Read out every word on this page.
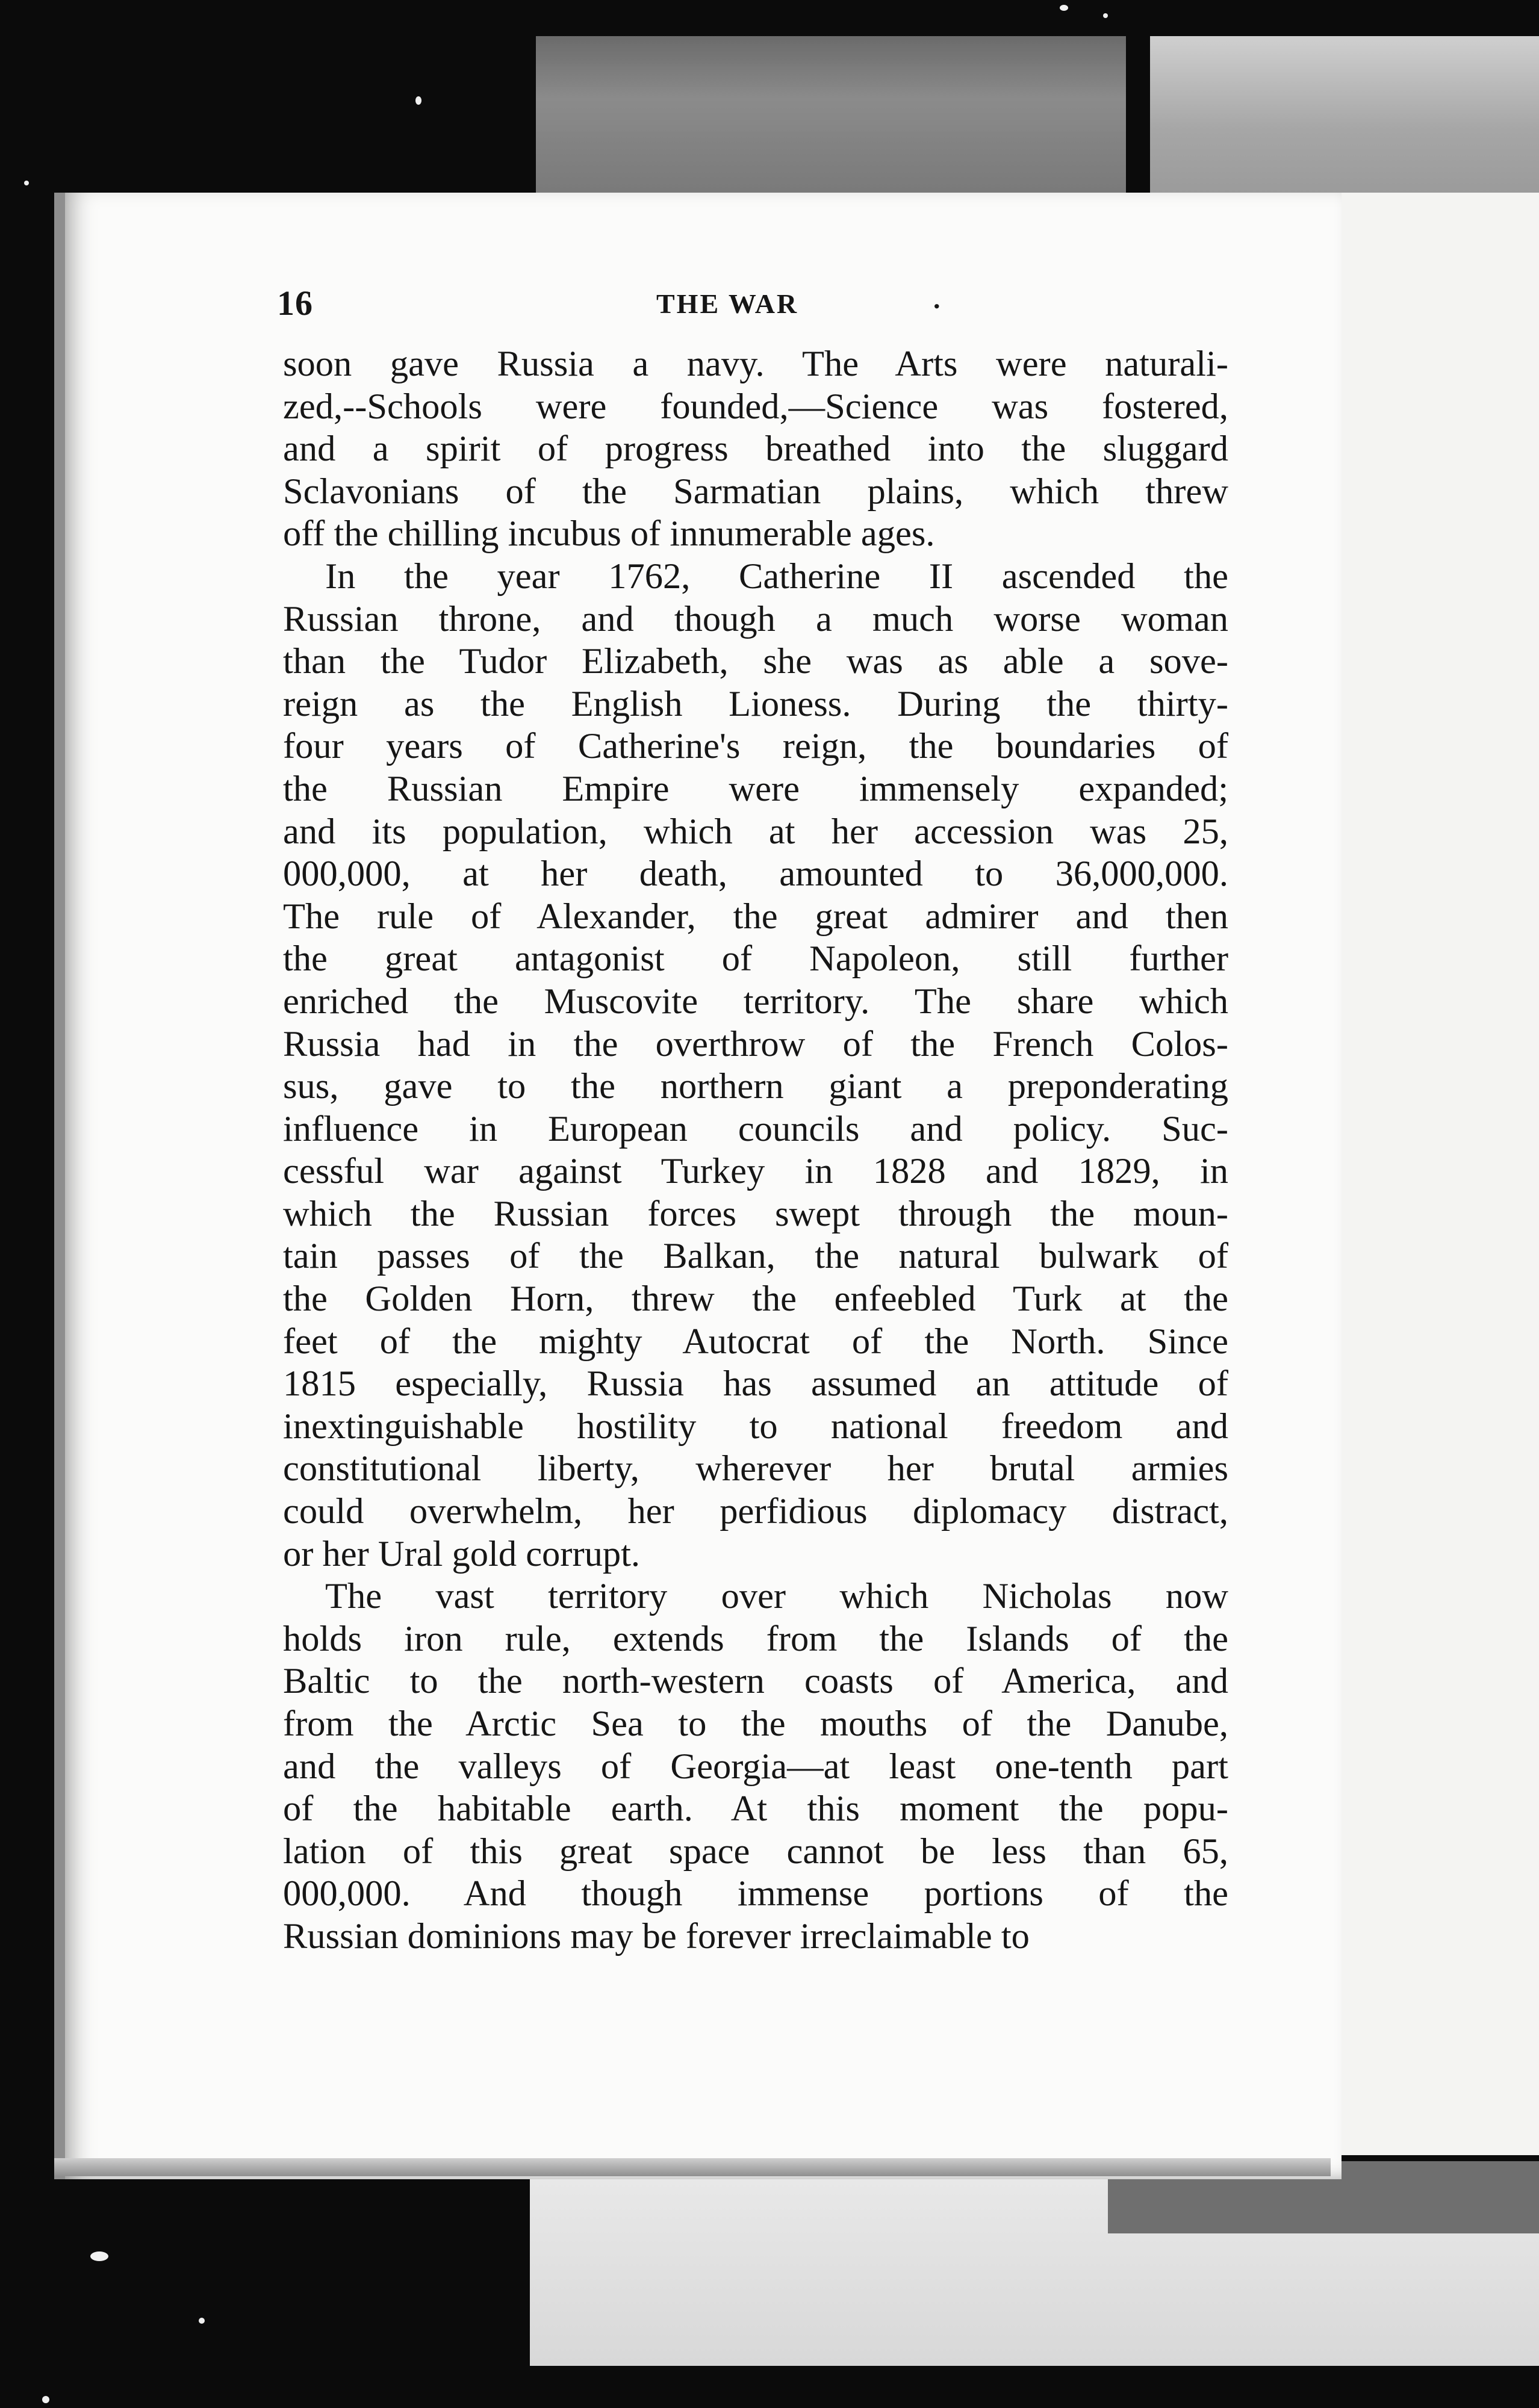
16	THE WAR	.

soon gave Russia a navy. The Arts were naturali-
zed,--Schools were founded,—Science was fostered,
and a spirit of progress breathed into the sluggard
Sclavonians of the Sarmatian plains, which threw
off the chilling incubus of innumerable ages.

In the year 1762, Catherine II ascended the
Russian throne, and though a much worse woman
than the Tudor Elizabeth, she was as able a sove-
reign as the English Lioness. During the thirty-
four years of Catherine's reign, the boundaries of
the Russian Empire were immensely expanded;
and its population, which at her accession was 25,
000,000, at her death, amounted to 36,000,000.
The rule of Alexander, the great admirer and then
the great antagonist of Napoleon, still further
enriched the Muscovite territory. The share which
Russia had in the overthrow of the French Colos-
sus, gave to the northern giant a preponderating
influence in European councils and policy. Suc-
cessful war against Turkey in 1828 and 1829, in
which the Russian forces swept through the moun-
tain passes of the Balkan, the natural bulwark of
the Golden Horn, threw the enfeebled Turk at the
feet of the mighty Autocrat of the North. Since
1815 especially, Russia has assumed an attitude of
inextinguishable hostility to national freedom and
constitutional liberty, wherever her brutal armies
could overwhelm, her perfidious diplomacy distract,
or her Ural gold corrupt.

The vast territory over which Nicholas now
holds iron rule, extends from the Islands of the
Baltic to the north-western coasts of America, and
from the Arctic Sea to the mouths of the Danube,
and the valleys of Georgia—at least one-tenth part
of the habitable earth. At this moment the popu-
lation of this great space cannot be less than 65,
000,000. And though immense portions of the
Russian dominions may be forever irreclaimable to
